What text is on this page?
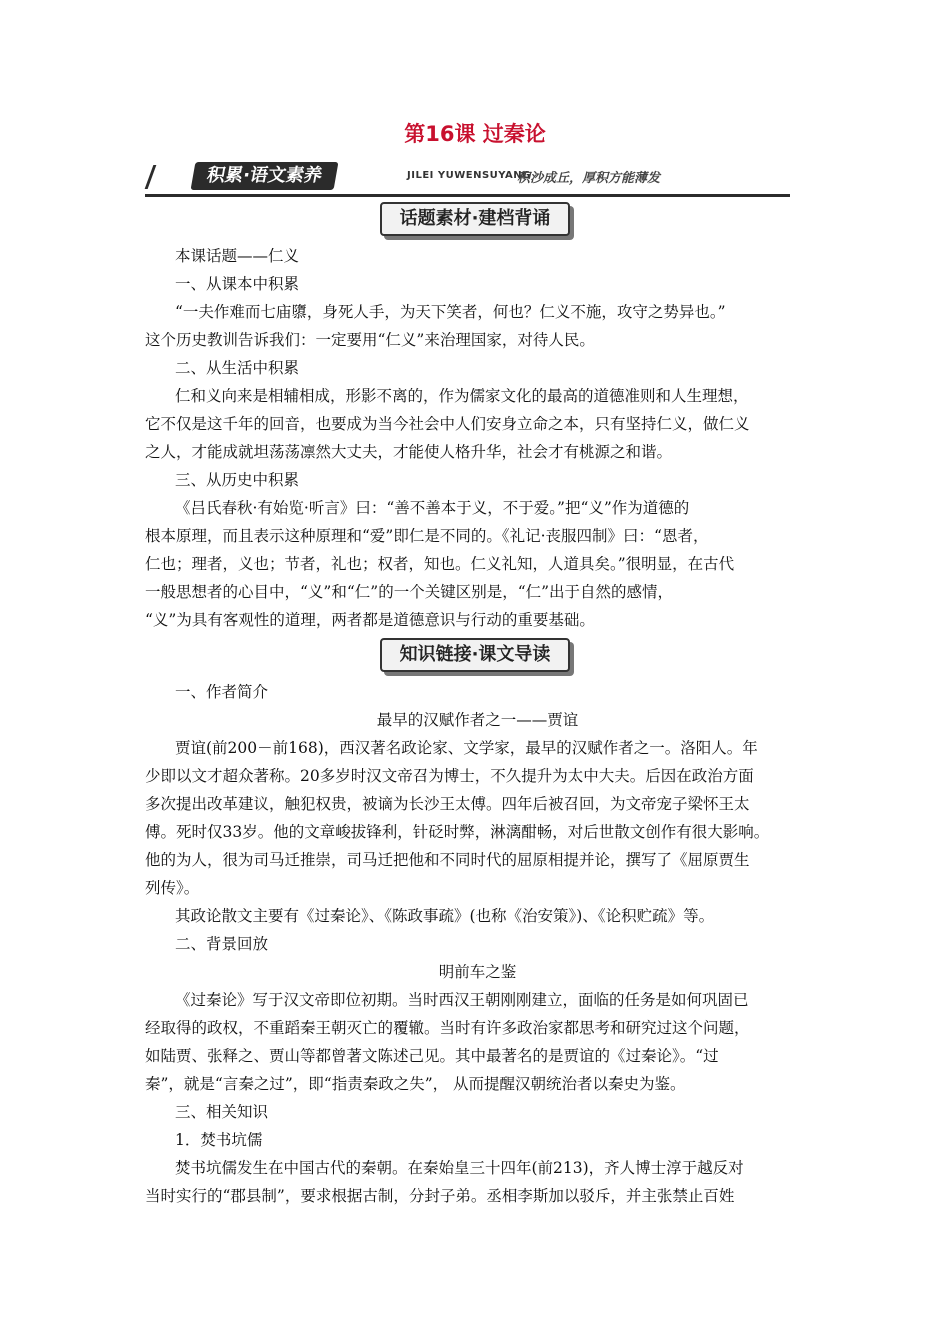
第16课 过秦论
积累·语文素养	JILEI YUWENSUYANG
积沙成丘，厚积方能薄发
话题素材·建档背诵
本课话题——仁义
一、从课本中积累
“一夫作难而七庙隳，身死人手，为天下笑者，何也？仁义不施，攻守之势异也。”
这个历史教训告诉我们：一定要用“仁义”来治理国家，对待人民。
二、从生活中积累
仁和义向来是相辅相成，形影不离的，作为儒家文化的最高的道德准则和人生理想，
它不仅是这千年的回音，也要成为当今社会中人们安身立命之本，只有坚持仁义，做仁义
之人，才能成就坦荡荡凛然大丈夫，才能使人格升华，社会才有桃源之和谐。
三、从历史中积累
《吕氏春秋·有始览·听言》曰：“善不善本于义，不于爱。”把“义”作为道德的
根本原理，而且表示这种原理和“爱”即仁是不同的。《礼记·丧服四制》曰：“恩者，
仁也；理者，义也；节者，礼也；权者，知也。仁义礼知，人道具矣。”很明显，在古代
一般思想者的心目中，“义”和“仁”的一个关键区别是，“仁”出于自然的感情，
“义”为具有客观性的道理，两者都是道德意识与行动的重要基础。
知识链接·课文导读
一、作者简介
最早的汉赋作者之一——贾谊
贾谊(前200－前168)，西汉著名政论家、文学家，最早的汉赋作者之一。洛阳人。年
少即以文才超众著称。20多岁时汉文帝召为博士，不久提升为太中大夫。后因在政治方面
多次提出改革建议，触犯权贵，被谪为长沙王太傅。四年后被召回，为文帝宠子梁怀王太
傅。死时仅33岁。他的文章峻拔锋利，针砭时弊，淋漓酣畅，对后世散文创作有很大影响。
他的为人，很为司马迁推崇，司马迁把他和不同时代的屈原相提并论，撰写了《屈原贾生
列传》。
其政论散文主要有《过秦论》、《陈政事疏》(也称《治安策》)、《论积贮疏》等。
二、背景回放
明前车之鉴
《过秦论》写于汉文帝即位初期。当时西汉王朝刚刚建立，面临的任务是如何巩固已
经取得的政权，不重蹈秦王朝灭亡的覆辙。当时有许多政治家都思考和研究过这个问题，
如陆贾、张释之、贾山等都曾著文陈述己见。其中最著名的是贾谊的《过秦论》。“过
秦”，就是“言秦之过”，即“指责秦政之失”， 从而提醒汉朝统治者以秦史为鉴。
三、相关知识
1．焚书坑儒
焚书坑儒发生在中国古代的秦朝。在秦始皇三十四年(前213)，齐人博士淳于越反对
当时实行的“郡县制”，要求根据古制，分封子弟。丞相李斯加以驳斥，并主张禁止百姓
